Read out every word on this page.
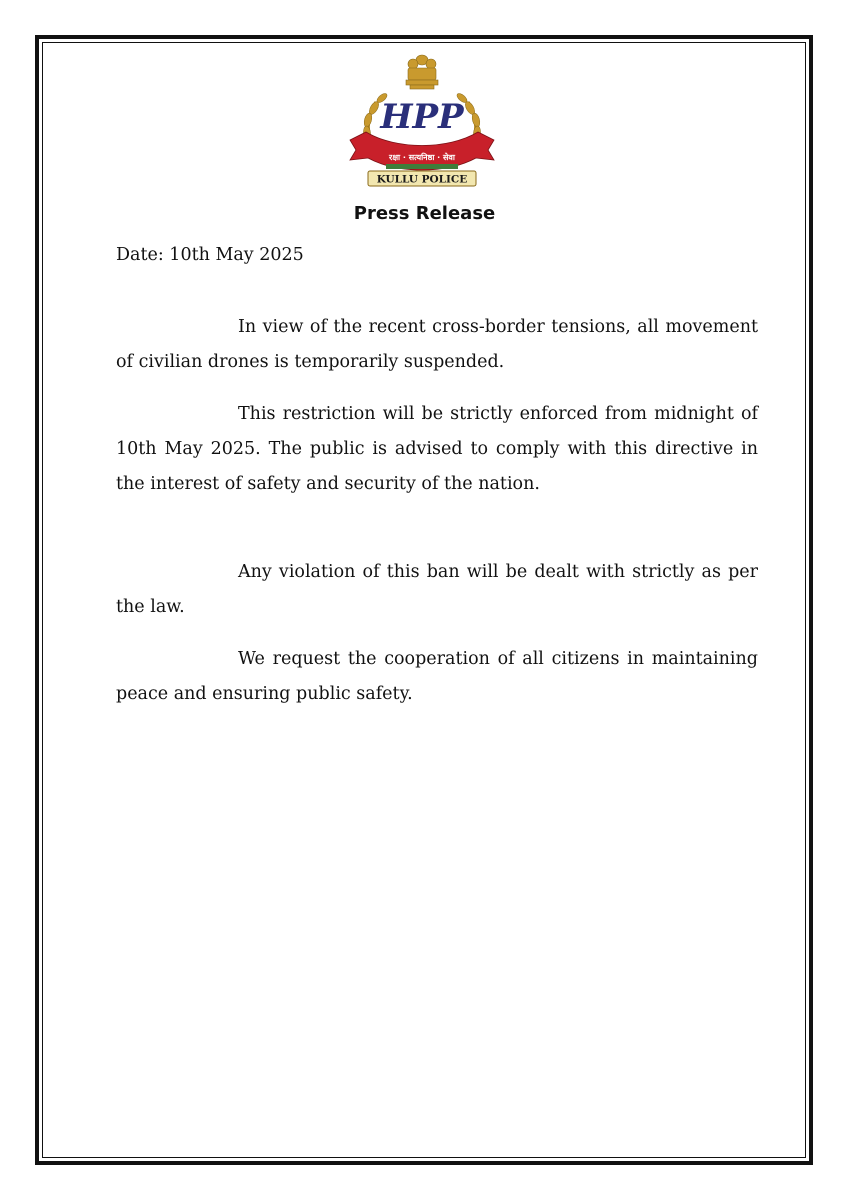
HPP
रक्षा · सत्यनिष्ठा · सेवा
KULLU POLICE
Press Release

Date: 10th May 2025

In view of the recent cross-border tensions, all movement of civilian drones is temporarily suspended.

This restriction will be strictly enforced from midnight of 10th May 2025. The public is advised to comply with this directive in the interest of safety and security of the nation.

Any violation of this ban will be dealt with strictly as per the law.

We request the cooperation of all citizens in maintaining peace and ensuring public safety.
